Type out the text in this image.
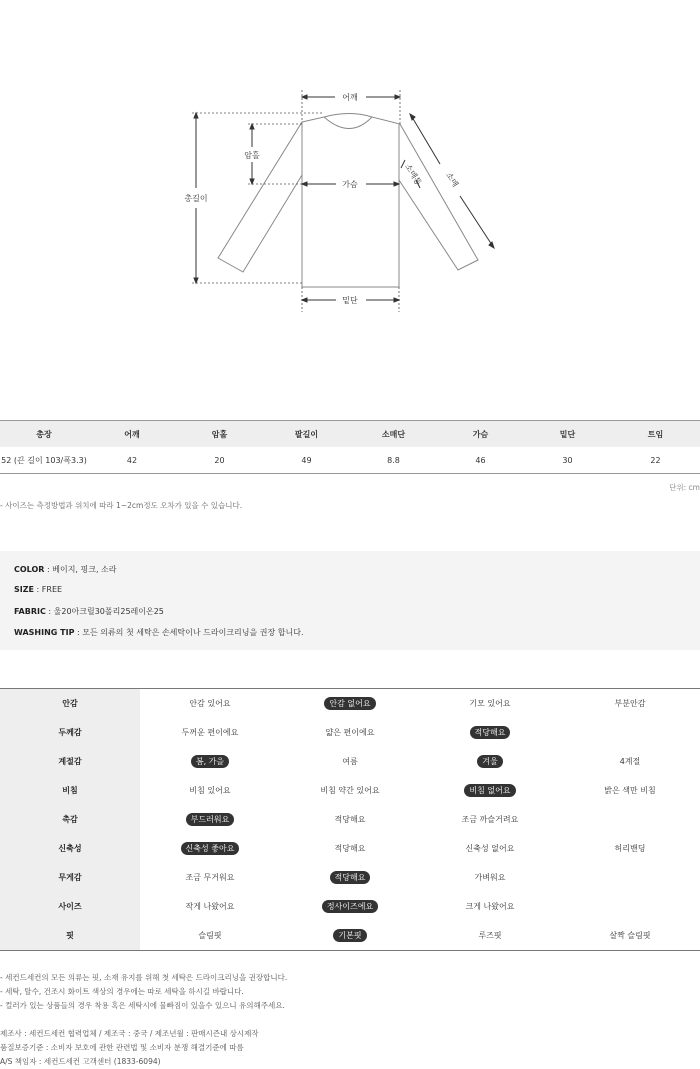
어깨
총길이
암홀
가슴
밑단
소매
소매통
총장	어깨	암홀	팔길이	소매단	가슴	밑단	트임
52 (끈 길이 103/폭3.3)	42	20	49	8.8	46	30	22
단위: cm
- 사이즈는 측정방법과 위치에 따라 1~2cm정도 오차가 있을 수 있습니다.
COLOR : 베이지, 핑크, 소라
SIZE : FREE
FABRIC : 울20아크릴30폴리25레이온25
WASHING TIP : 모든 의류의 첫 세탁은 손세탁이나 드라이크리닝을 권장 합니다.
안감	안감 있어요	안감 없어요	기모 있어요	부분안감
두께감	두꺼운 편이에요	얇은 편이에요	적당해요
계절감	봄, 가을	여름	겨울	4계절
비침	비침 있어요	비침 약간 있어요	비침 없어요	밝은 색만 비침
촉감	부드러워요	적당해요	조금 까슬거려요
신축성	신축성 좋아요	적당해요	신축성 없어요	허리밴딩
무게감	조금 무거워요	적당해요	가벼워요
사이즈	작게 나왔어요	정사이즈에요	크게 나왔어요
핏	슬림핏	기본핏	루즈핏	살짝 슬림핏
- 세컨드세컨의 모든 의류는 핏, 소재 유지를 위해 첫 세탁은 드라이크리닝을 권장합니다.
- 세탁, 탈수, 건조시 화이트 색상의 경우에는 따로 세탁을 하시길 바랍니다.
- 컬러가 있는 상품들의 경우 착용 혹은 세탁시에 물빠짐이 있을수 있으니 유의해주세요.
제조사 : 세컨드세컨 협력업체 / 제조국 : 중국 / 제조년월 : 판매시즌내 상시제작
품질보증기준 : 소비자 보호에 관한 관련법 및 소비자 분쟁 해결기준에 따름
A/S 책임자 : 세컨드세컨 고객센터 (1833-6094)
